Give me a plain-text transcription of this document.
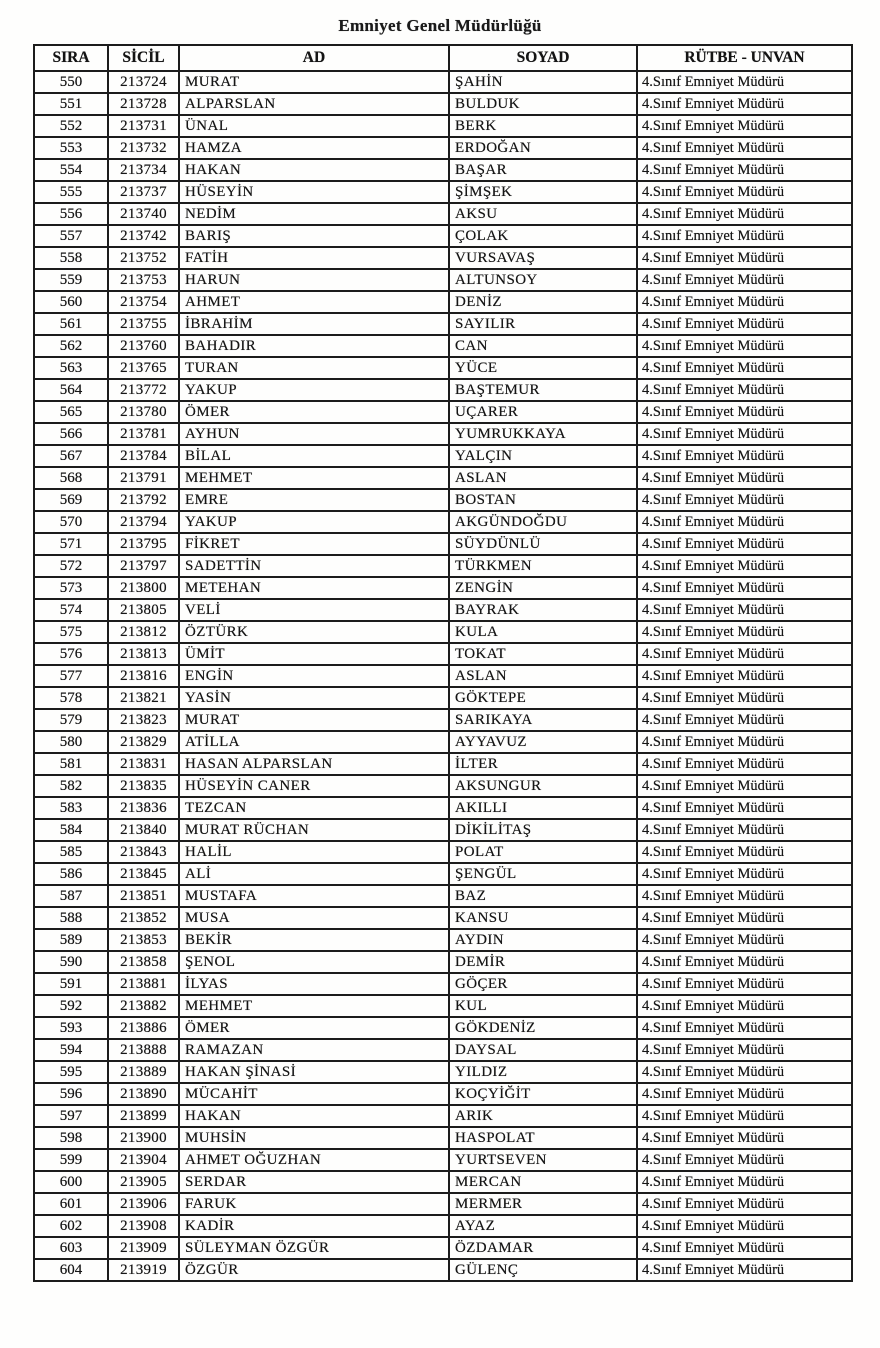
Emniyet Genel Müdürlüğü
SIRA	SİCİL	AD	SOYAD	RÜTBE - UNVAN
550	213724	MURAT	ŞAHİN	4.Sınıf Emniyet Müdürü
551	213728	ALPARSLAN	BULDUK	4.Sınıf Emniyet Müdürü
552	213731	ÜNAL	BERK	4.Sınıf Emniyet Müdürü
553	213732	HAMZA	ERDOĞAN	4.Sınıf Emniyet Müdürü
554	213734	HAKAN	BAŞAR	4.Sınıf Emniyet Müdürü
555	213737	HÜSEYİN	ŞİMŞEK	4.Sınıf Emniyet Müdürü
556	213740	NEDİM	AKSU	4.Sınıf Emniyet Müdürü
557	213742	BARIŞ	ÇOLAK	4.Sınıf Emniyet Müdürü
558	213752	FATİH	VURSAVAŞ	4.Sınıf Emniyet Müdürü
559	213753	HARUN	ALTUNSOY	4.Sınıf Emniyet Müdürü
560	213754	AHMET	DENİZ	4.Sınıf Emniyet Müdürü
561	213755	İBRAHİM	SAYILIR	4.Sınıf Emniyet Müdürü
562	213760	BAHADIR	CAN	4.Sınıf Emniyet Müdürü
563	213765	TURAN	YÜCE	4.Sınıf Emniyet Müdürü
564	213772	YAKUP	BAŞTEMUR	4.Sınıf Emniyet Müdürü
565	213780	ÖMER	UÇARER	4.Sınıf Emniyet Müdürü
566	213781	AYHUN	YUMRUKKAYA	4.Sınıf Emniyet Müdürü
567	213784	BİLAL	YALÇIN	4.Sınıf Emniyet Müdürü
568	213791	MEHMET	ASLAN	4.Sınıf Emniyet Müdürü
569	213792	EMRE	BOSTAN	4.Sınıf Emniyet Müdürü
570	213794	YAKUP	AKGÜNDOĞDU	4.Sınıf Emniyet Müdürü
571	213795	FİKRET	SÜYDÜNLÜ	4.Sınıf Emniyet Müdürü
572	213797	SADETTİN	TÜRKMEN	4.Sınıf Emniyet Müdürü
573	213800	METEHAN	ZENGİN	4.Sınıf Emniyet Müdürü
574	213805	VELİ	BAYRAK	4.Sınıf Emniyet Müdürü
575	213812	ÖZTÜRK	KULA	4.Sınıf Emniyet Müdürü
576	213813	ÜMİT	TOKAT	4.Sınıf Emniyet Müdürü
577	213816	ENGİN	ASLAN	4.Sınıf Emniyet Müdürü
578	213821	YASİN	GÖKTEPE	4.Sınıf Emniyet Müdürü
579	213823	MURAT	SARIKAYA	4.Sınıf Emniyet Müdürü
580	213829	ATİLLA	AYYAVUZ	4.Sınıf Emniyet Müdürü
581	213831	HASAN ALPARSLAN	İLTER	4.Sınıf Emniyet Müdürü
582	213835	HÜSEYİN CANER	AKSUNGUR	4.Sınıf Emniyet Müdürü
583	213836	TEZCAN	AKILLI	4.Sınıf Emniyet Müdürü
584	213840	MURAT RÜCHAN	DİKİLİTAŞ	4.Sınıf Emniyet Müdürü
585	213843	HALİL	POLAT	4.Sınıf Emniyet Müdürü
586	213845	ALİ	ŞENGÜL	4.Sınıf Emniyet Müdürü
587	213851	MUSTAFA	BAZ	4.Sınıf Emniyet Müdürü
588	213852	MUSA	KANSU	4.Sınıf Emniyet Müdürü
589	213853	BEKİR	AYDIN	4.Sınıf Emniyet Müdürü
590	213858	ŞENOL	DEMİR	4.Sınıf Emniyet Müdürü
591	213881	İLYAS	GÖÇER	4.Sınıf Emniyet Müdürü
592	213882	MEHMET	KUL	4.Sınıf Emniyet Müdürü
593	213886	ÖMER	GÖKDENİZ	4.Sınıf Emniyet Müdürü
594	213888	RAMAZAN	DAYSAL	4.Sınıf Emniyet Müdürü
595	213889	HAKAN ŞİNASİ	YILDIZ	4.Sınıf Emniyet Müdürü
596	213890	MÜCAHİT	KOÇYİĞİT	4.Sınıf Emniyet Müdürü
597	213899	HAKAN	ARIK	4.Sınıf Emniyet Müdürü
598	213900	MUHSİN	HASPOLAT	4.Sınıf Emniyet Müdürü
599	213904	AHMET OĞUZHAN	YURTSEVEN	4.Sınıf Emniyet Müdürü
600	213905	SERDAR	MERCAN	4.Sınıf Emniyet Müdürü
601	213906	FARUK	MERMER	4.Sınıf Emniyet Müdürü
602	213908	KADİR	AYAZ	4.Sınıf Emniyet Müdürü
603	213909	SÜLEYMAN ÖZGÜR	ÖZDAMAR	4.Sınıf Emniyet Müdürü
604	213919	ÖZGÜR	GÜLENÇ	4.Sınıf Emniyet Müdürü
